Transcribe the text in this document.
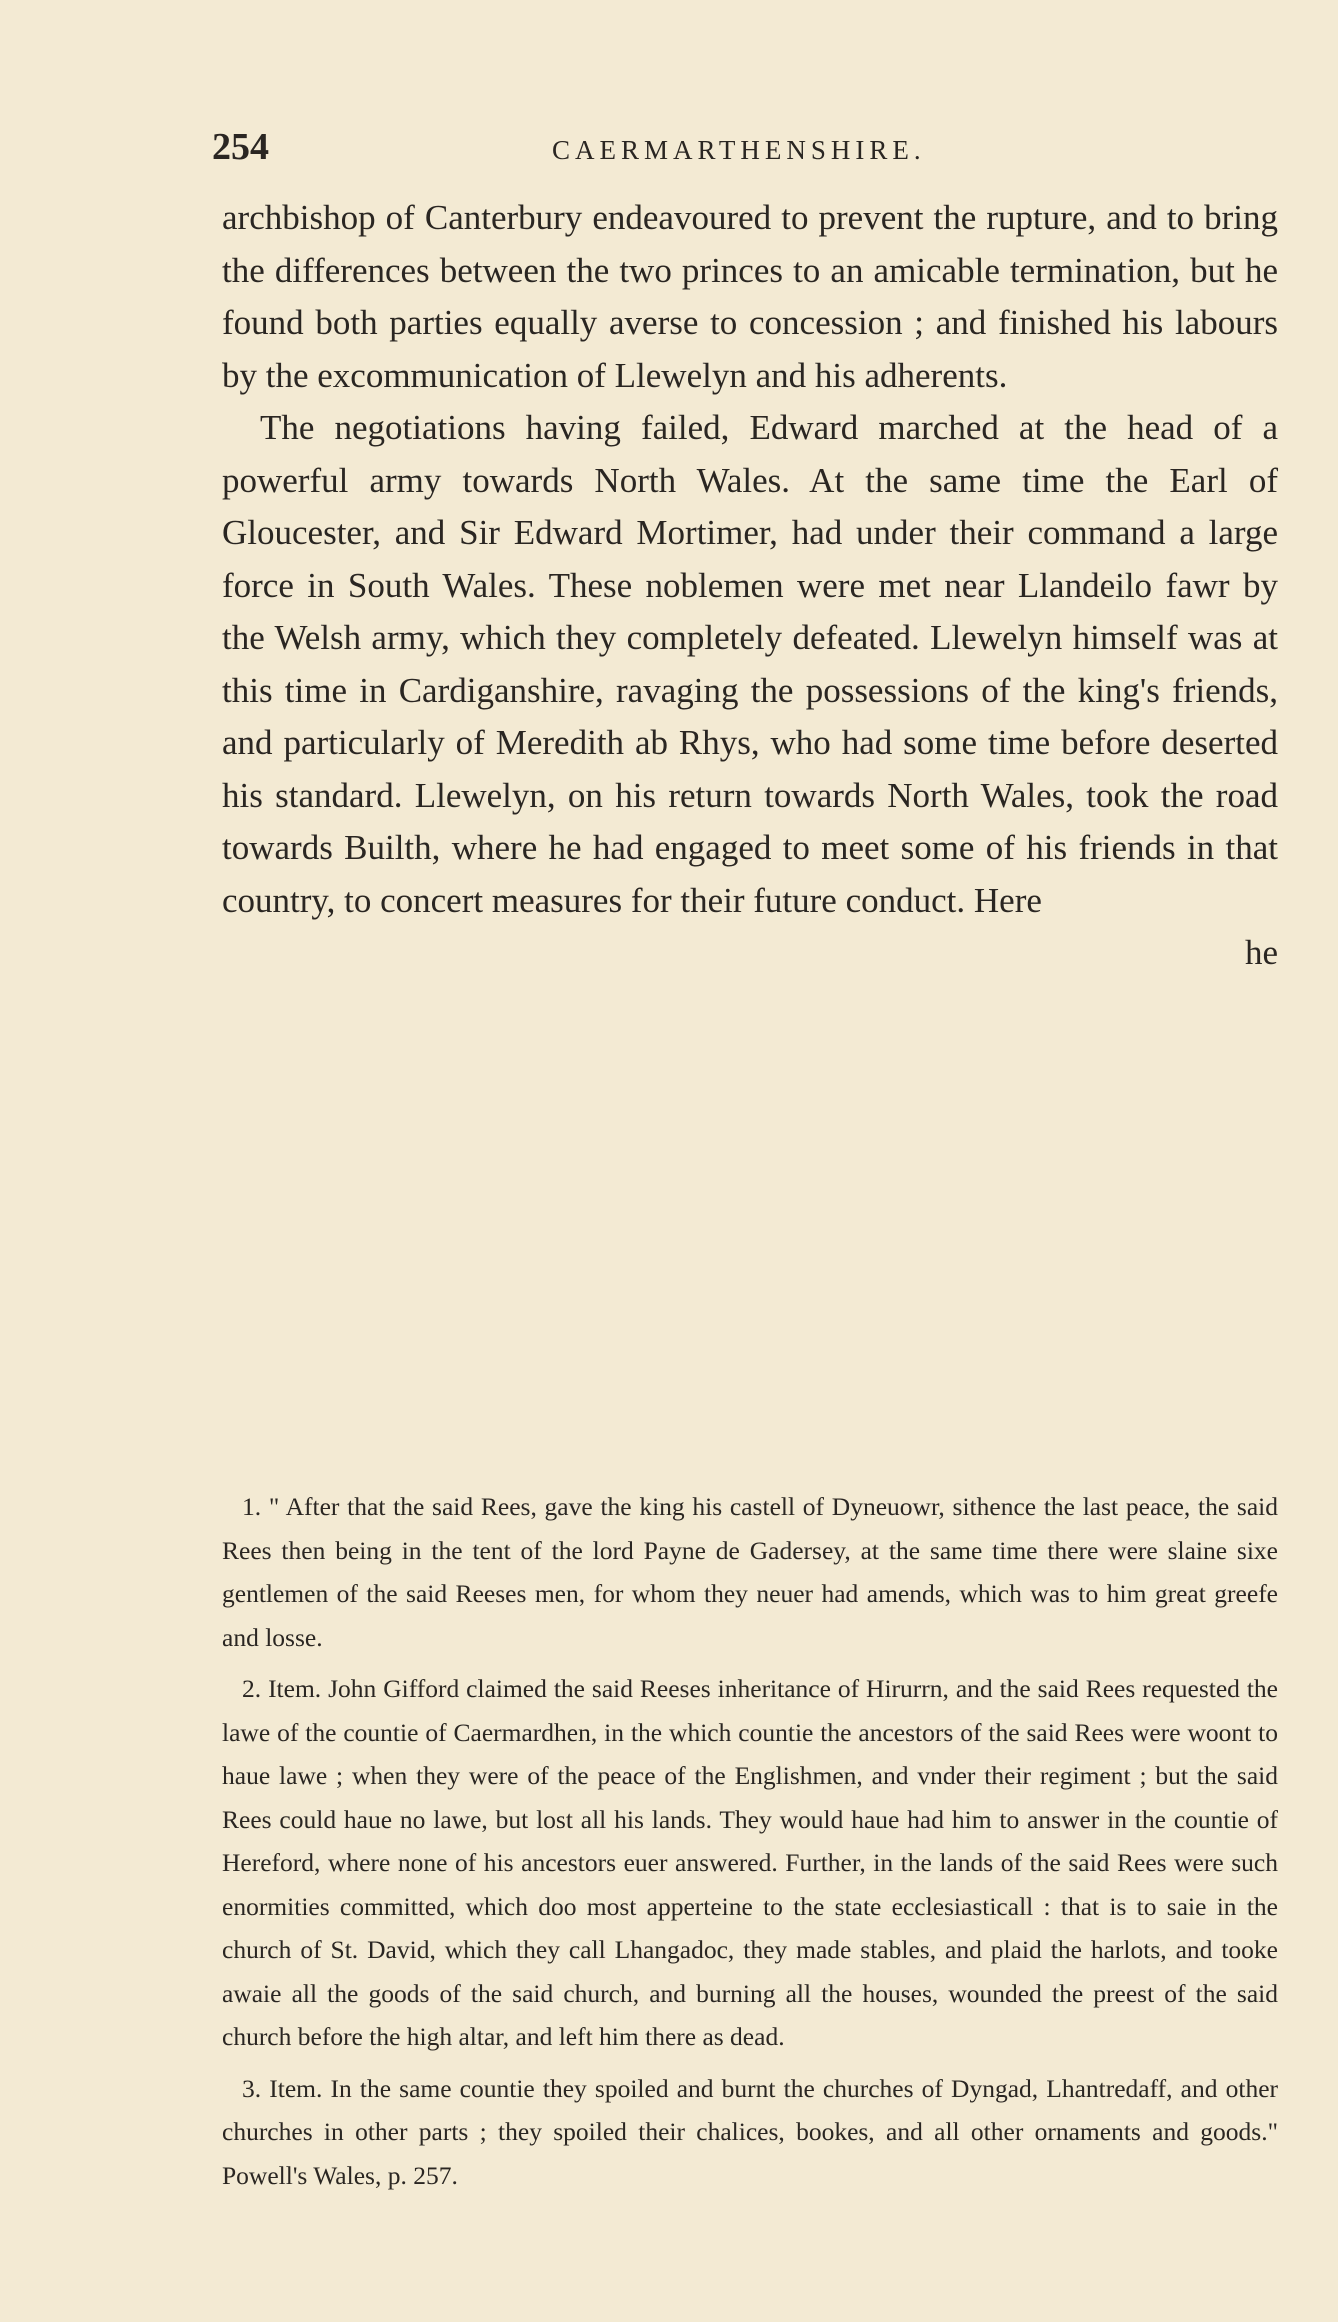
254	CAERMARTHENSHIRE.

archbishop of Canterbury endeavoured to prevent the rupture, and to bring the differences between the two princes to an amicable termination, but he found both parties equally averse to concession ; and finished his labours by the excommunication of Llewelyn and his adherents.

The negotiations having failed, Edward marched at the head of a powerful army towards North Wales. At the same time the Earl of Gloucester, and Sir Edward Mortimer, had under their command a large force in South Wales. These noblemen were met near Llandeilo fawr by the Welsh army, which they completely defeated. Llewelyn himself was at this time in Cardiganshire, ravaging the possessions of the king's friends, and particularly of Meredith ab Rhys, who had some time before deserted his standard. Llewelyn, on his return towards North Wales, took the road towards Builth, where he had engaged to meet some of his friends in that country, to concert measures for their future conduct. Here

he

1. " After that the said Rees, gave the king his castell of Dyneuowr, sithence the last peace, the said Rees then being in the tent of the lord Payne de Gadersey, at the same time there were slaine sixe gentlemen of the said Reeses men, for whom they neuer had amends, which was to him great greefe and losse.

2. Item. John Gifford claimed the said Reeses inheritance of Hirurrn, and the said Rees requested the lawe of the countie of Caermardhen, in the which countie the ancestors of the said Rees were woont to haue lawe ; when they were of the peace of the Englishmen, and vnder their regiment ; but the said Rees could haue no lawe, but lost all his lands. They would haue had him to answer in the countie of Hereford, where none of his ancestors euer answered. Further, in the lands of the said Rees were such enormities committed, which doo most apperteine to the state ecclesiasticall : that is to saie in the church of St. David, which they call Lhangadoc, they made stables, and plaid the harlots, and tooke awaie all the goods of the said church, and burning all the houses, wounded the preest of the said church before the high altar, and left him there as dead.

3. Item. In the same countie they spoiled and burnt the churches of Dyngad, Lhantredaff, and other churches in other parts ; they spoiled their chalices, bookes, and all other ornaments and goods." Powell's Wales, p. 257.
